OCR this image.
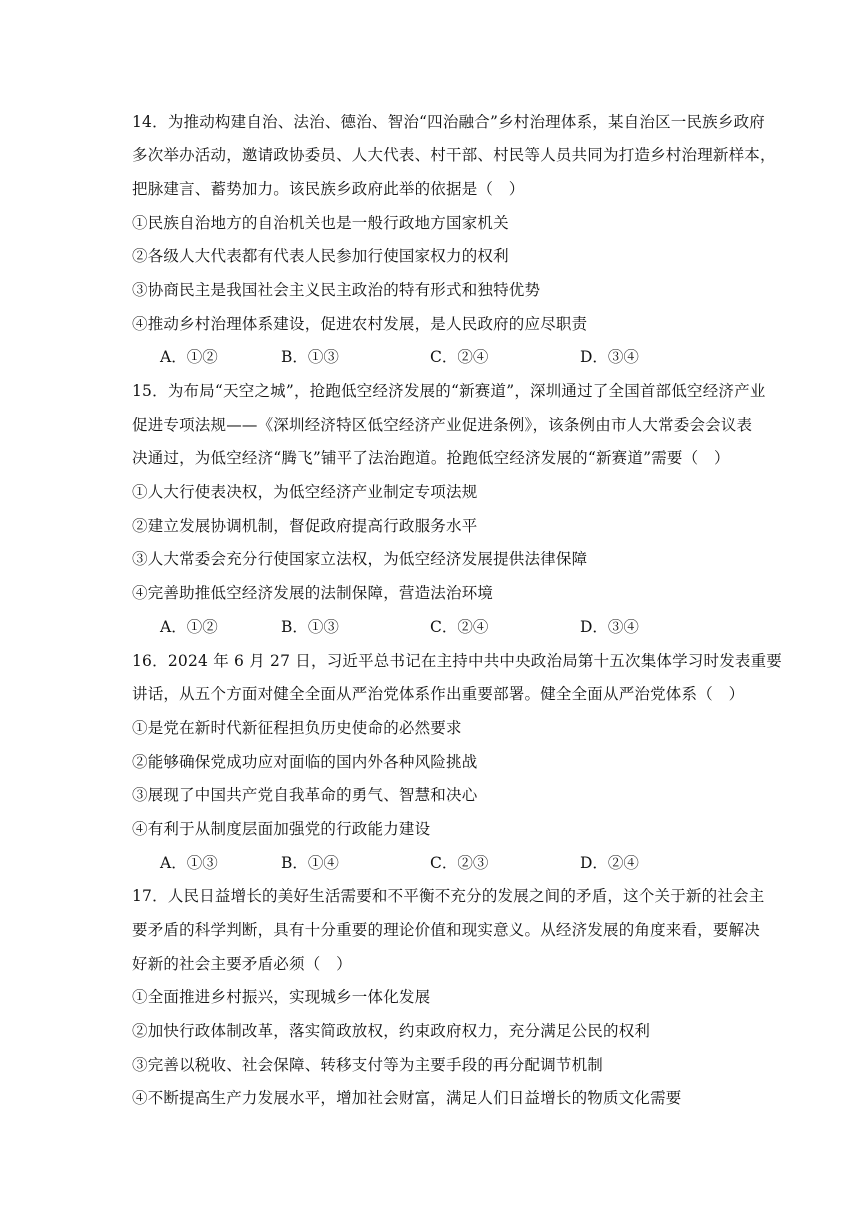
14．为推动构建自治、法治、德治、智治“四治融合”乡村治理体系，某自治区一民族乡政府
多次举办活动，邀请政协委员、人大代表、村干部、村民等人员共同为打造乡村治理新样本，
把脉建言、蓄势加力。该民族乡政府此举的依据是（　）
①民族自治地方的自治机关也是一般行政地方国家机关
②各级人大代表都有代表人民参加行使国家权力的权利
③协商民主是我国社会主义民主政治的特有形式和独特优势
④推动乡村治理体系建设，促进农村发展，是人民政府的应尽职责
A．①②	B．①③	C．②④	D．③④
15．为布局“天空之城”，抢跑低空经济发展的“新赛道”，深圳通过了全国首部低空经济产业
促进专项法规——《深圳经济特区低空经济产业促进条例》，该条例由市人大常委会会议表
决通过，为低空经济“腾飞”铺平了法治跑道。抢跑低空经济发展的“新赛道”需要（　）
①人大行使表决权，为低空经济产业制定专项法规
②建立发展协调机制，督促政府提高行政服务水平
③人大常委会充分行使国家立法权，为低空经济发展提供法律保障
④完善助推低空经济发展的法制保障，营造法治环境
A．①②	B．①③	C．②④	D．③④
16．2024 年 6 月 27 日，习近平总书记在主持中共中央政治局第十五次集体学习时发表重要
讲话，从五个方面对健全全面从严治党体系作出重要部署。健全全面从严治党体系（　）
①是党在新时代新征程担负历史使命的必然要求
②能够确保党成功应对面临的国内外各种风险挑战
③展现了中国共产党自我革命的勇气、智慧和决心
④有利于从制度层面加强党的行政能力建设
A．①③	B．①④	C．②③	D．②④
17．人民日益增长的美好生活需要和不平衡不充分的发展之间的矛盾，这个关于新的社会主
要矛盾的科学判断，具有十分重要的理论价值和现实意义。从经济发展的角度来看，要解决
好新的社会主要矛盾必须（　）
①全面推进乡村振兴，实现城乡一体化发展
②加快行政体制改革，落实简政放权，约束政府权力，充分满足公民的权利
③完善以税收、社会保障、转移支付等为主要手段的再分配调节机制
④不断提高生产力发展水平，增加社会财富，满足人们日益增长的物质文化需要
